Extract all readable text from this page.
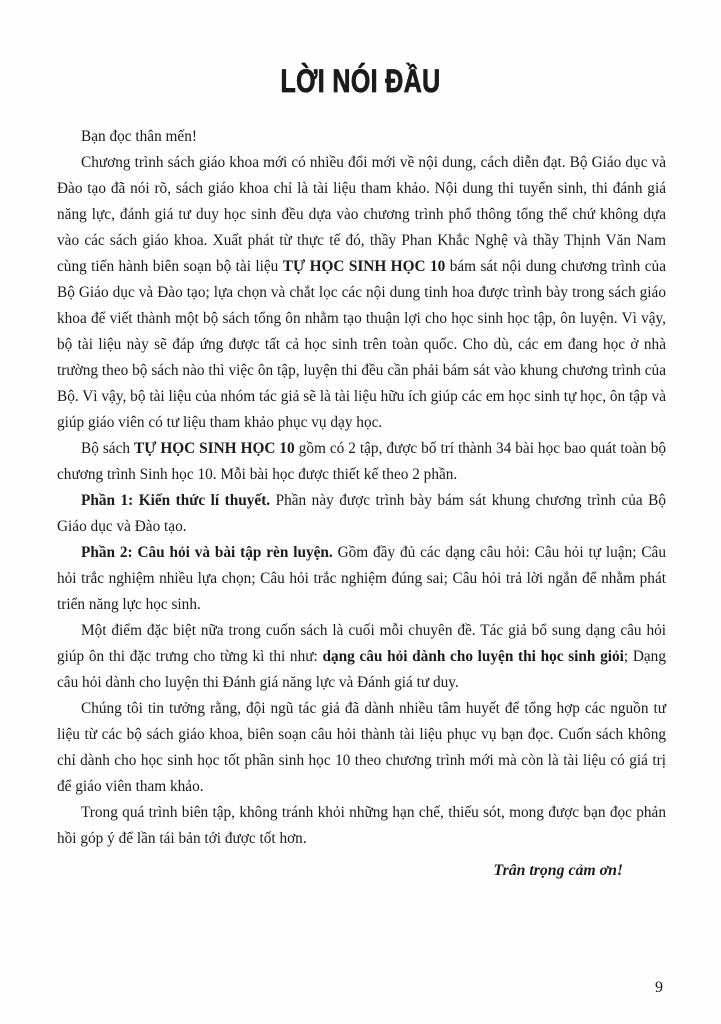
LỜI NÓI ĐẦU

Bạn đọc thân mến!

Chương trình sách giáo khoa mới có nhiều đổi mới về nội dung, cách diễn đạt. Bộ Giáo dục và Đào tạo đã nói rõ, sách giáo khoa chỉ là tài liệu tham khảo. Nội dung thi tuyển sinh, thi đánh giá năng lực, đánh giá tư duy học sinh đều dựa vào chương trình phổ thông tổng thể chứ không dựa vào các sách giáo khoa. Xuất phát từ thực tế đó, thầy Phan Khắc Nghệ và thầy Thịnh Văn Nam cùng tiến hành biên soạn bộ tài liệu TỰ HỌC SINH HỌC 10 bám sát nội dung chương trình của Bộ Giáo dục và Đào tạo; lựa chọn và chắt lọc các nội dung tinh hoa được trình bày trong sách giáo khoa để viết thành một bộ sách tổng ôn nhằm tạo thuận lợi cho học sinh học tập, ôn luyện. Vì vậy, bộ tài liệu này sẽ đáp ứng được tất cả học sinh trên toàn quốc. Cho dù, các em đang học ở nhà trường theo bộ sách nào thì việc ôn tập, luyện thi đều cần phải bám sát vào khung chương trình của Bộ. Vì vậy, bộ tài liệu của nhóm tác giả sẽ là tài liệu hữu ích giúp các em học sinh tự học, ôn tập và giúp giáo viên có tư liệu tham khảo phục vụ dạy học.

Bộ sách TỰ HỌC SINH HỌC 10 gồm có 2 tập, được bố trí thành 34 bài học bao quát toàn bộ chương trình Sinh học 10. Mỗi bài học được thiết kế theo 2 phần.

Phần 1: Kiến thức lí thuyết. Phần này được trình bày bám sát khung chương trình của Bộ Giáo dục và Đào tạo.

Phần 2: Câu hỏi và bài tập rèn luyện. Gồm đầy đủ các dạng câu hỏi: Câu hỏi tự luận; Câu hỏi trắc nghiệm nhiều lựa chọn; Câu hỏi trắc nghiệm đúng sai; Câu hỏi trả lời ngắn để nhằm phát triển năng lực học sinh.

Một điểm đặc biệt nữa trong cuốn sách là cuối mỗi chuyên đề. Tác giả bổ sung dạng câu hỏi giúp ôn thi đặc trưng cho từng kì thi như: dạng câu hỏi dành cho luyện thi học sinh giỏi; Dạng câu hỏi dành cho luyện thi Đánh giá năng lực và Đánh giá tư duy.

Chúng tôi tin tưởng rằng, đội ngũ tác giả đã dành nhiều tâm huyết để tổng hợp các nguồn tư liệu từ các bộ sách giáo khoa, biên soạn câu hỏi thành tài liệu phục vụ bạn đọc. Cuốn sách không chỉ dành cho học sinh học tốt phần sinh học 10 theo chương trình mới mà còn là tài liệu có giá trị để giáo viên tham khảo.

Trong quá trình biên tập, không tránh khỏi những hạn chế, thiếu sót, mong được bạn đọc phản hồi góp ý để lần tái bản tới được tốt hơn.

Trân trọng cảm ơn!

9
